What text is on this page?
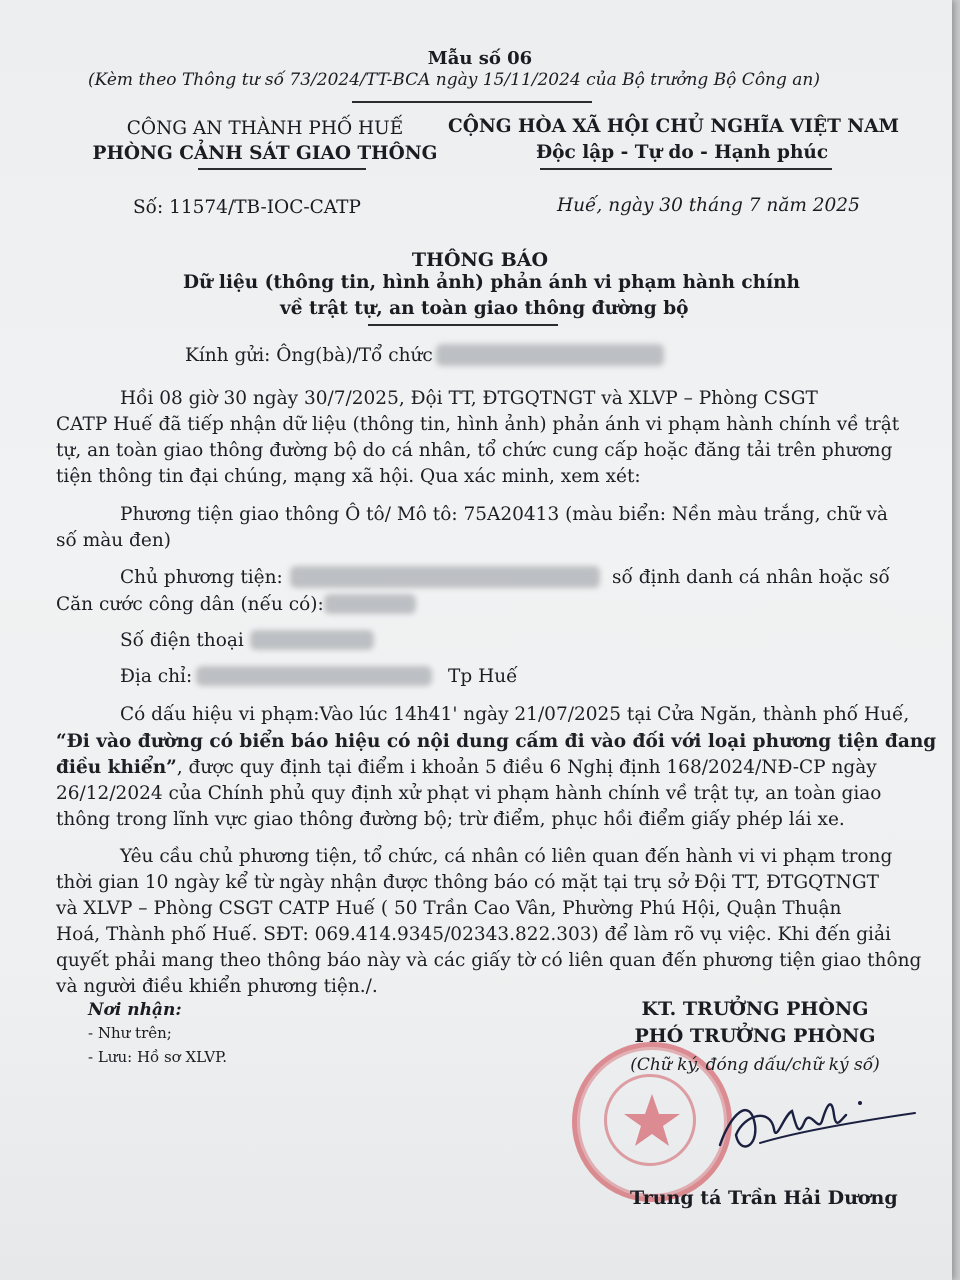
Mẫu số 06
(Kèm theo Thông tư số 73/2024/TT-BCA ngày 15/11/2024 của Bộ trưởng Bộ Công an)
CÔNG AN THÀNH PHỐ HUẾ
PHÒNG CẢNH SÁT GIAO THÔNG
CỘNG HÒA XÃ HỘI CHỦ NGHĨA VIỆT NAM
Độc lập - Tự do - Hạnh phúc
Số: 11574/TB-IOC-CATP	Huế, ngày 30 tháng 7 năm 2025
THÔNG BÁO
Dữ liệu (thông tin, hình ảnh) phản ánh vi phạm hành chính
về trật tự, an toàn giao thông đường bộ
Kính gửi: Ông(bà)/Tổ chức
Hồi 08 giờ 30 ngày 30/7/2025, Đội TT, ĐTGQTNGT và XLVP – Phòng CSGT
CATP Huế đã tiếp nhận dữ liệu (thông tin, hình ảnh) phản ánh vi phạm hành chính về trật
tự, an toàn giao thông đường bộ do cá nhân, tổ chức cung cấp hoặc đăng tải trên phương
tiện thông tin đại chúng, mạng xã hội. Qua xác minh, xem xét:
Phương tiện giao thông Ô tô/ Mô tô: 75A20413 (màu biển: Nền màu trắng, chữ và
số màu đen)
Chủ phương tiện:	số định danh cá nhân hoặc số
Căn cước công dân (nếu có):
Số điện thoại
Địa chỉ:	Tp Huế
Có dấu hiệu vi phạm:Vào lúc 14h41' ngày 21/07/2025 tại Cửa Ngăn, thành phố Huế,
“Đi vào đường có biển báo hiệu có nội dung cấm đi vào đối với loại phương tiện đang
điều khiển”, được quy định tại điểm i khoản 5 điều 6 Nghị định 168/2024/NĐ-CP ngày
26/12/2024 của Chính phủ quy định xử phạt vi phạm hành chính về trật tự, an toàn giao
thông trong lĩnh vực giao thông đường bộ; trừ điểm, phục hồi điểm giấy phép lái xe.
Yêu cầu chủ phương tiện, tổ chức, cá nhân có liên quan đến hành vi vi phạm trong
thời gian 10 ngày kể từ ngày nhận được thông báo có mặt tại trụ sở Đội TT, ĐTGQTNGT
và XLVP – Phòng CSGT CATP Huế ( 50 Trần Cao Vân, Phường Phú Hội, Quận Thuận
Hoá, Thành phố Huế. SĐT: 069.414.9345/02343.822.303) để làm rõ vụ việc. Khi đến giải
quyết phải mang theo thông báo này và các giấy tờ có liên quan đến phương tiện giao thông
và người điều khiển phương tiện./.
Nơi nhận:
- Như trên;
- Lưu: Hồ sơ XLVP.
KT. TRƯỞNG PHÒNG
PHÓ TRƯỞNG PHÒNG
(Chữ ký, đóng dấu/chữ ký số)
Trung tá Trần Hải Dương
